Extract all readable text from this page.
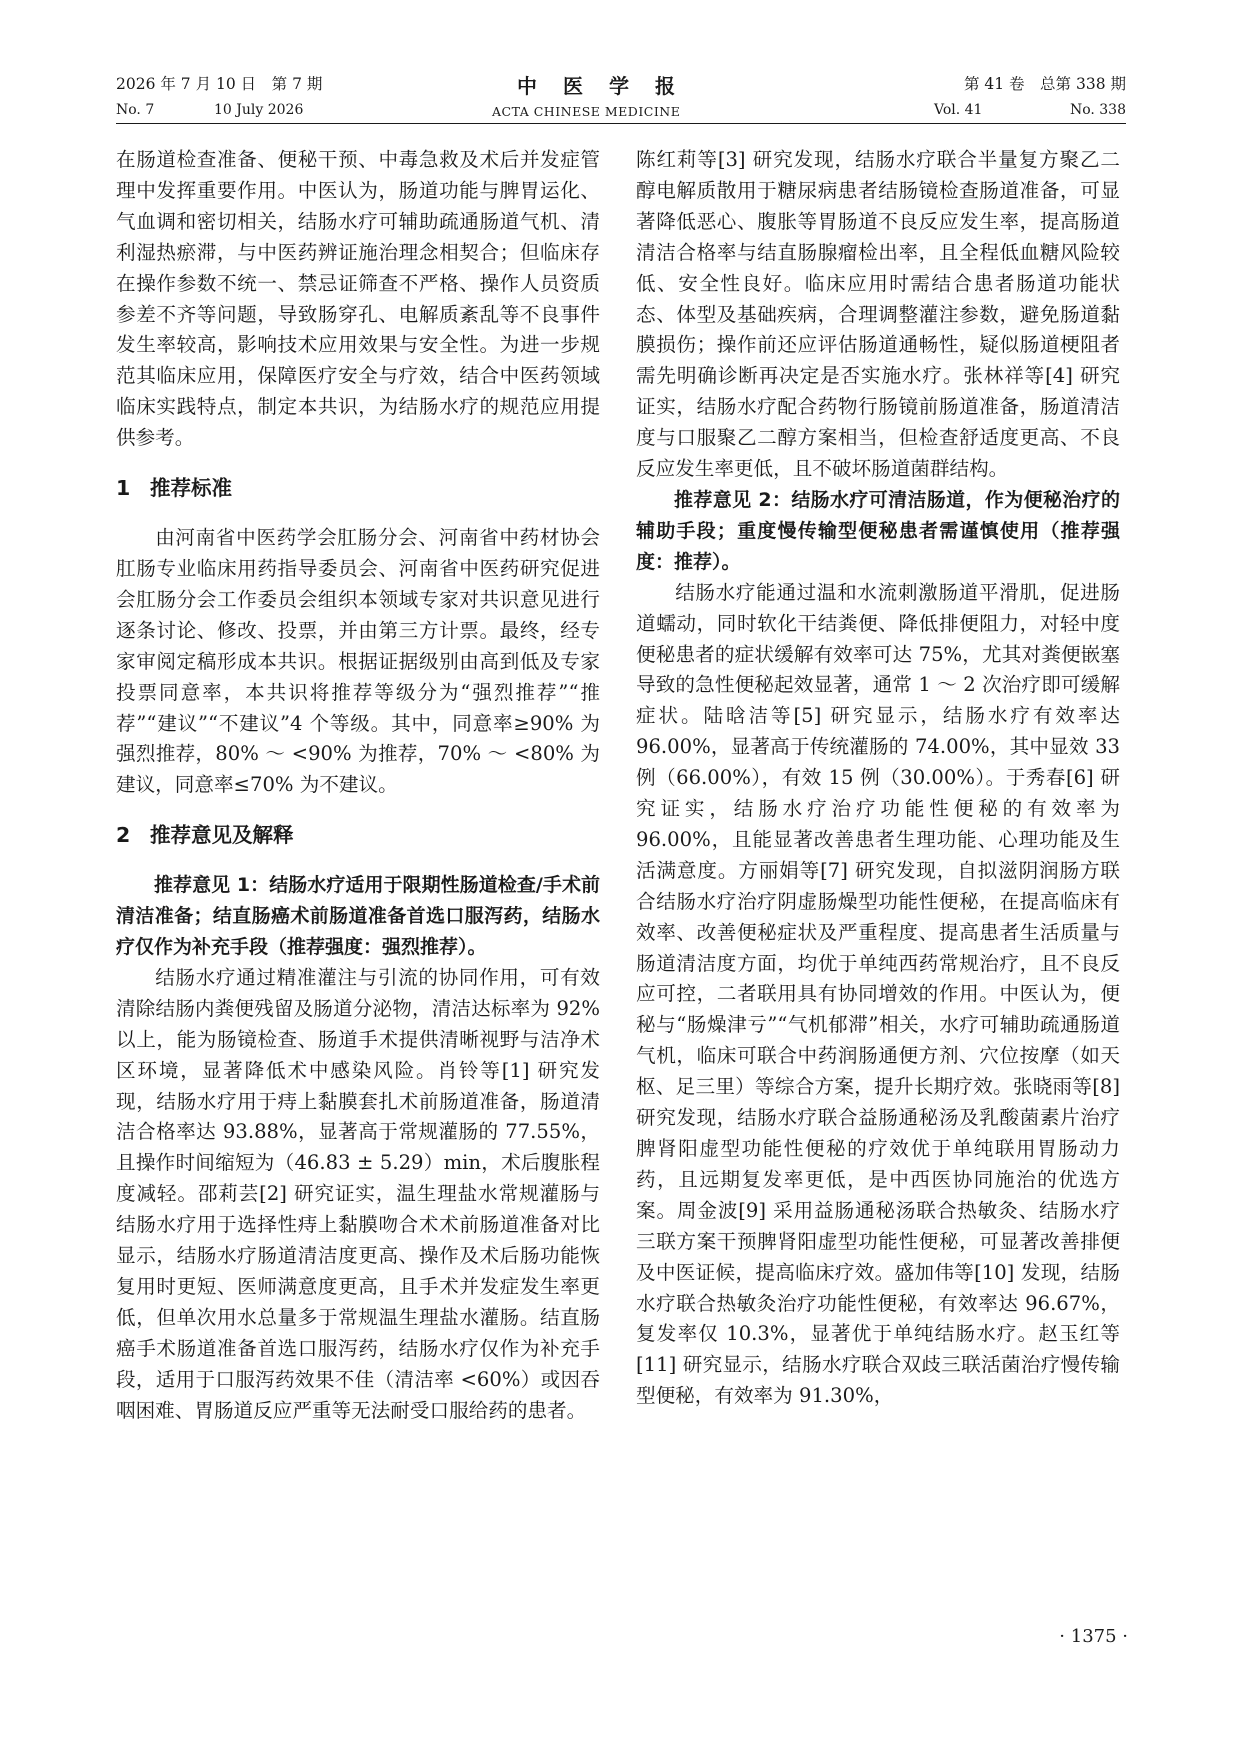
2026 年 7 月 10 日　第 7 期	中医学报	第 41 卷　总第 338 期
No. 7	10 July 2026	ACTA CHINESE MEDICINE	Vol. 41	No. 338

在肠道检查准备、便秘干预、中毒急救及术后并发症管理中发挥重要作用。中医认为，肠道功能与脾胃运化、气血调和密切相关，结肠水疗可辅助疏通肠道气机、清利湿热瘀滞，与中医药辨证施治理念相契合；但临床存在操作参数不统一、禁忌证筛查不严格、操作人员资质参差不齐等问题，导致肠穿孔、电解质紊乱等不良事件发生率较高，影响技术应用效果与安全性。为进一步规范其临床应用，保障医疗安全与疗效，结合中医药领域临床实践特点，制定本共识，为结肠水疗的规范应用提供参考。

1 推荐标准

由河南省中医药学会肛肠分会、河南省中药材协会肛肠专业临床用药指导委员会、河南省中医药研究促进会肛肠分会工作委员会组织本领域专家对共识意见进行逐条讨论、修改、投票，并由第三方计票。最终，经专家审阅定稿形成本共识。根据证据级别由高到低及专家投票同意率，本共识将推荐等级分为“强烈推荐”“推荐”“建议”“不建议”4 个等级。其中，同意率≥90% 为强烈推荐，80% ～ <90% 为推荐，70% ～ <80% 为建议，同意率≤70% 为不建议。

2 推荐意见及解释

推荐意见 1：结肠水疗适用于限期性肠道检查/手术前清洁准备；结直肠癌术前肠道准备首选口服泻药，结肠水疗仅作为补充手段（推荐强度：强烈推荐）。

结肠水疗通过精准灌注与引流的协同作用，可有效清除结肠内粪便残留及肠道分泌物，清洁达标率为 92% 以上，能为肠镜检查、肠道手术提供清晰视野与洁净术区环境，显著降低术中感染风险。肖铃等[1] 研究发现，结肠水疗用于痔上黏膜套扎术前肠道准备，肠道清洁合格率达 93.88%，显著高于常规灌肠的 77.55%，且操作时间缩短为（46.83 ± 5.29）min，术后腹胀程度减轻。邵莉芸[2] 研究证实，温生理盐水常规灌肠与结肠水疗用于选择性痔上黏膜吻合术术前肠道准备对比显示，结肠水疗肠道清洁度更高、操作及术后肠功能恢复用时更短、医师满意度更高，且手术并发症发生率更低，但单次用水总量多于常规温生理盐水灌肠。结直肠癌手术肠道准备首选口服泻药，结肠水疗仅作为补充手段，适用于口服泻药效果不佳（清洁率 <60%）或因吞咽困难、胃肠道反应严重等无法耐受口服给药的患者。

陈红莉等[3] 研究发现，结肠水疗联合半量复方聚乙二醇电解质散用于糖尿病患者结肠镜检查肠道准备，可显著降低恶心、腹胀等胃肠道不良反应发生率，提高肠道清洁合格率与结直肠腺瘤检出率，且全程低血糖风险较低、安全性良好。临床应用时需结合患者肠道功能状态、体型及基础疾病，合理调整灌注参数，避免肠道黏膜损伤；操作前还应评估肠道通畅性，疑似肠道梗阻者需先明确诊断再决定是否实施水疗。张林祥等[4] 研究证实，结肠水疗配合药物行肠镜前肠道准备，肠道清洁度与口服聚乙二醇方案相当，但检查舒适度更高、不良反应发生率更低，且不破坏肠道菌群结构。

推荐意见 2：结肠水疗可清洁肠道，作为便秘治疗的辅助手段；重度慢传输型便秘患者需谨慎使用（推荐强度：推荐）。

结肠水疗能通过温和水流刺激肠道平滑肌，促进肠道蠕动，同时软化干结粪便、降低排便阻力，对轻中度便秘患者的症状缓解有效率可达 75%，尤其对粪便嵌塞导致的急性便秘起效显著，通常 1 ～ 2 次治疗即可缓解症状。陆晗洁等[5] 研究显示，结肠水疗有效率达 96.00%，显著高于传统灌肠的 74.00%，其中显效 33 例（66.00%），有效 15 例（30.00%）。于秀春[6] 研究证实，结肠水疗治疗功能性便秘的有效率为 96.00%，且能显著改善患者生理功能、心理功能及生活满意度。方丽娟等[7] 研究发现，自拟滋阴润肠方联合结肠水疗治疗阴虚肠燥型功能性便秘，在提高临床有效率、改善便秘症状及严重程度、提高患者生活质量与肠道清洁度方面，均优于单纯西药常规治疗，且不良反应可控，二者联用具有协同增效的作用。中医认为，便秘与“肠燥津亏”“气机郁滞”相关，水疗可辅助疏通肠道气机，临床可联合中药润肠通便方剂、穴位按摩（如天枢、足三里）等综合方案，提升长期疗效。张晓雨等[8] 研究发现，结肠水疗联合益肠通秘汤及乳酸菌素片治疗脾肾阳虚型功能性便秘的疗效优于单纯联用胃肠动力药，且远期复发率更低，是中西医协同施治的优选方案。周金波[9] 采用益肠通秘汤联合热敏灸、结肠水疗三联方案干预脾肾阳虚型功能性便秘，可显著改善排便及中医证候，提高临床疗效。盛加伟等[10] 发现，结肠水疗联合热敏灸治疗功能性便秘，有效率达 96.67%，复发率仅 10.3%，显著优于单纯结肠水疗。赵玉红等[11] 研究显示，结肠水疗联合双歧三联活菌治疗慢传输型便秘，有效率为 91.30%，

· 1375 ·
